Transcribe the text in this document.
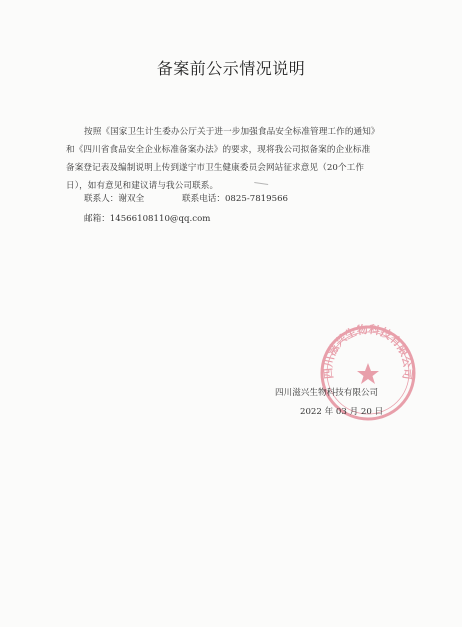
备案前公示情况说明
按照《国家卫生计生委办公厅关于进一步加强食品安全标准管理工作的通知》
和《四川省食品安全企业标准备案办法》的要求，现将我公司拟备案的企业标准
备案登记表及编制说明上传到遂宁市卫生健康委员会网站征求意见（20个工作
日），如有意见和建议请与我公司联系。
联系人：谢双全	联系电话：0825-7819566
邮箱：14566108110@qq.com
四川滋兴生物科技有限公司
四川滋兴生物科技有限公司
2022 年 03 月 20 日
